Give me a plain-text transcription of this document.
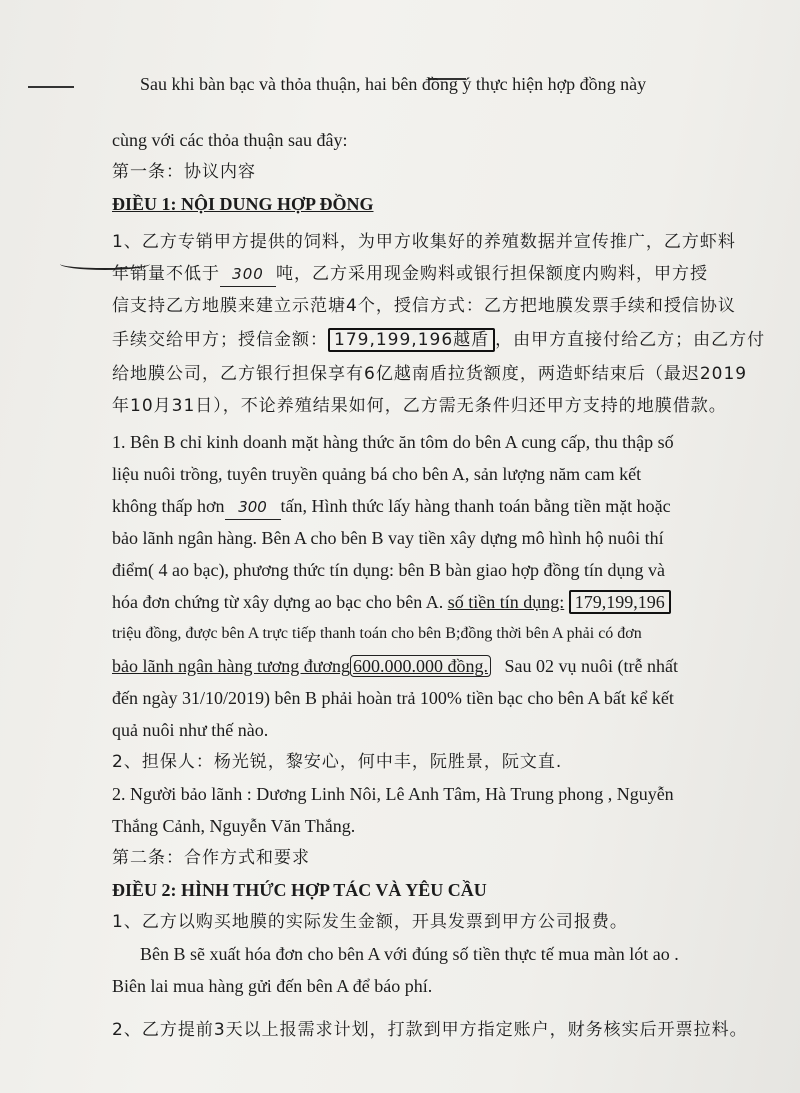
Sau khi bàn bạc và thỏa thuận, hai bên đồng ý thực hiện hợp đồng này
cùng với các thỏa thuận sau đây:
第一条：协议内容
ĐIỀU 1: NỘI DUNG HỢP ĐỒNG
1、乙方专销甲方提供的饲料，为甲方收集好的养殖数据并宣传推广，乙方虾料
年销量不低于 300 吨，乙方采用现金购料或银行担保额度内购料，甲方授
信支持乙方地膜来建立示范塘4个，授信方式：乙方把地膜发票手续和授信协议
手续交给甲方；授信金额： 179,199,196越盾 ，由甲方直接付给乙方；由乙方付
给地膜公司，乙方银行担保享有6亿越南盾拉货额度，两造虾结束后（最迟2019
年10月31日），不论养殖结果如何，乙方需无条件归还甲方支持的地膜借款。
1. Bên B chỉ kinh doanh mặt hàng thức ăn tôm do bên A cung cấp, thu thập số
liệu nuôi trồng, tuyên truyền quảng bá cho bên A, sản lượng năm cam kết
không thấp hơn 300 tấn, Hình thức lấy hàng thanh toán bằng tiền mặt hoặc
bảo lãnh ngân hàng. Bên A cho bên B vay tiền xây dựng mô hình hộ nuôi thí
điểm( 4 ao bạc), phương thức tín dụng: bên B bàn giao hợp đồng tín dụng và
hóa đơn chứng từ xây dựng ao bạc cho bên A. số tiền tín dụng: 179,199,196
triệu đồng, được bên A trực tiếp thanh toán cho bên B;đồng thời bên A phải có đơn
bảo lãnh ngân hàng tương đương 600.000.000 đồng. Sau 02 vụ nuôi (trễ nhất
đến ngày 31/10/2019) bên B phải hoàn trả 100% tiền bạc cho bên A bất kể kết
quả nuôi như thế nào.
2、担保人：杨光锐，黎安心，何中丰，阮胜景，阮文直.
2. Người bảo lãnh : Dương Linh Nôi, Lê Anh Tâm, Hà Trung phong , Nguyễn
Thắng Cảnh, Nguyễn Văn Thắng.
第二条：合作方式和要求
ĐIỀU 2: HÌNH THỨC HỢP TÁC VÀ YÊU CẦU
1、乙方以购买地膜的实际发生金额，开具发票到甲方公司报费。
Bên B sẽ xuất hóa đơn cho bên A với đúng số tiền thực tế mua màn lót ao .
Biên lai mua hàng gửi đến bên A để báo phí.
2、乙方提前3天以上报需求计划，打款到甲方指定账户，财务核实后开票拉料。
